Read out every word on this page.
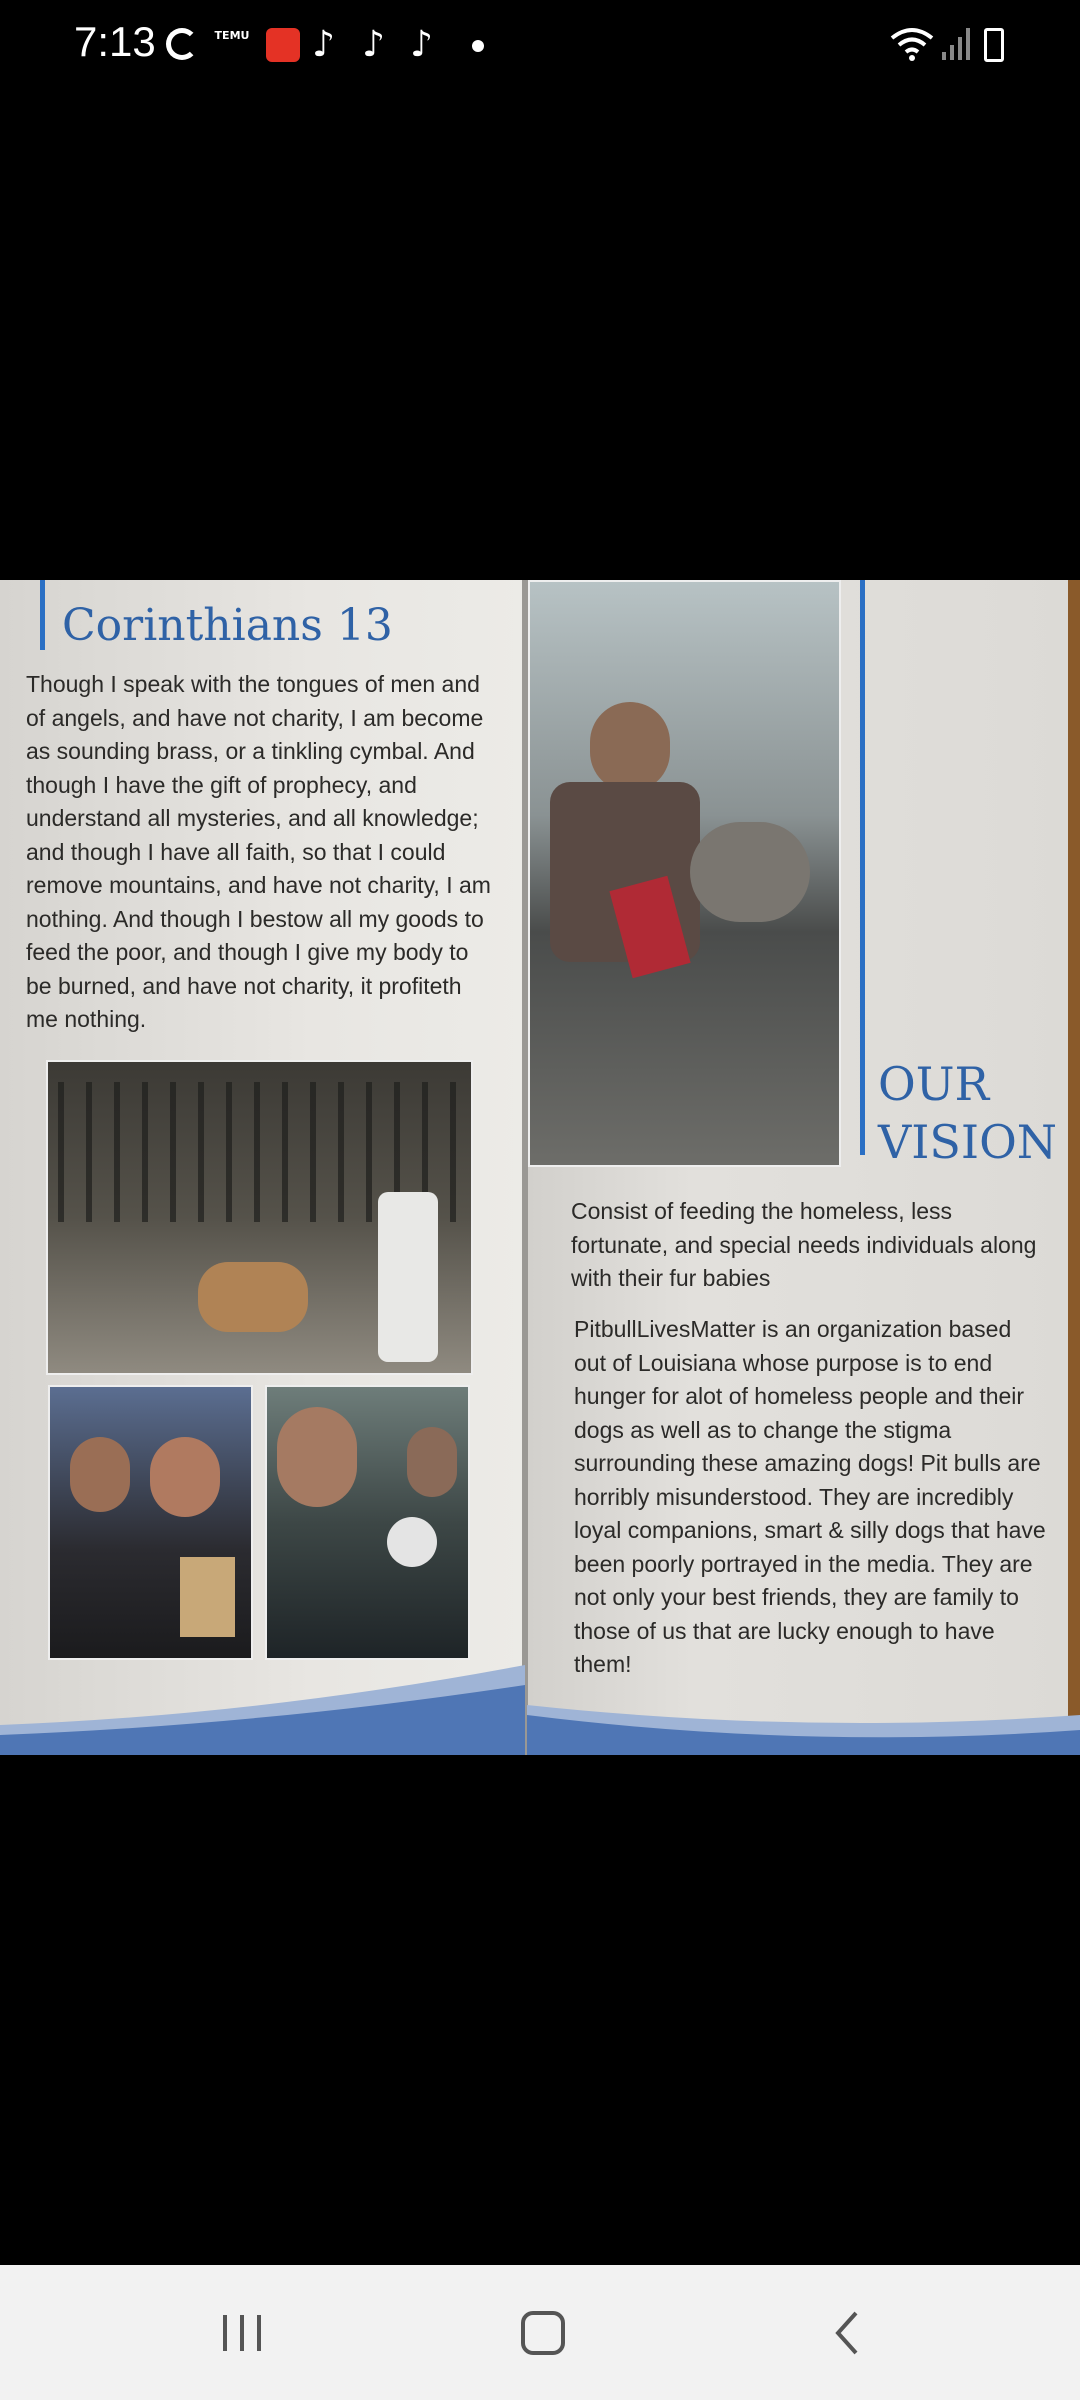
7:13	TEMU ♪ ♪ ♪
Corinthians 13
Though I speak with the tongues of men and of angels, and have not charity, I am become as sounding brass, or a tinkling cymbal. And though I have the gift of prophecy, and understand all mysteries, and all knowledge; and though I have all faith, so that I could remove mountains, and have not charity, I am nothing. And though I bestow all my goods to feed the poor, and though I give my body to be burned, and have not charity, it profiteth me nothing.
OUR
VISION
Consist of feeding the homeless, less fortunate, and special needs individuals along with their fur babies
PitbullLivesMatter is an organization based out of Louisiana whose purpose is to end hunger for alot of homeless people and their dogs as well as to change the stigma surrounding these amazing dogs! Pit bulls are horribly misunderstood. They are incredibly loyal companions, smart & silly dogs that have been poorly portrayed in the media. They are not only your best friends, they are family to those of us that are lucky enough to have them!
